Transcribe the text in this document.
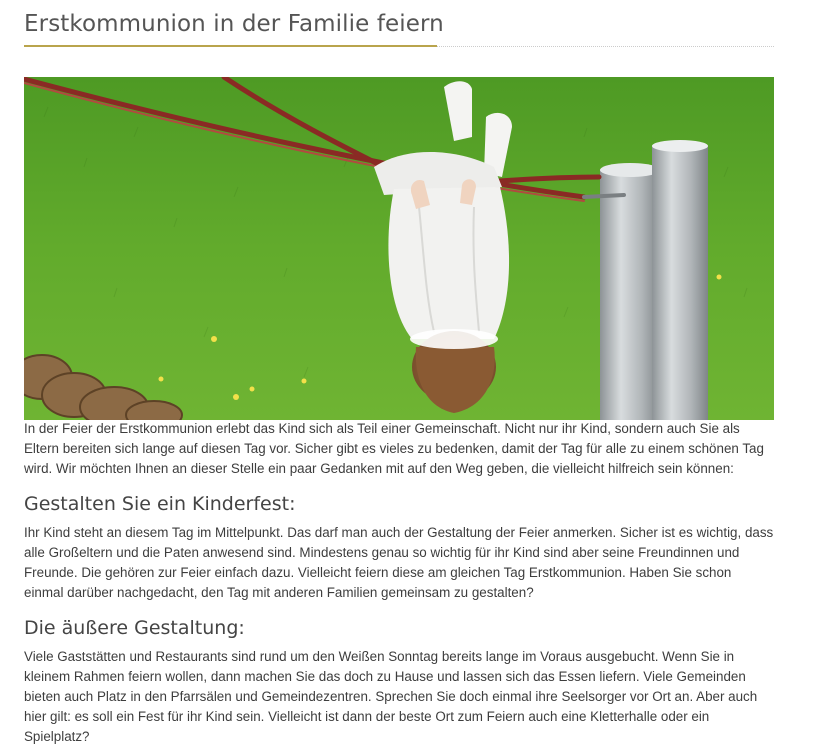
Erstkommunion in der Familie feiern

In der Feier der Erstkommunion erlebt das Kind sich als Teil einer Gemeinschaft. Nicht nur ihr Kind, sondern auch Sie als Eltern bereiten sich lange auf diesen Tag vor. Sicher gibt es vieles zu bedenken, damit der Tag für alle zu einem schönen Tag wird. Wir möchten Ihnen an dieser Stelle ein paar Gedanken mit auf den Weg geben, die vielleicht hilfreich sein können:

Gestalten Sie ein Kinderfest:

Ihr Kind steht an diesem Tag im Mittelpunkt. Das darf man auch der Gestaltung der Feier anmerken. Sicher ist es wichtig, dass alle Großeltern und die Paten anwesend sind. Mindestens genau so wichtig für ihr Kind sind aber seine Freundinnen und Freunde. Die gehören zur Feier einfach dazu. Vielleicht feiern diese am gleichen Tag Erstkommunion. Haben Sie schon einmal darüber nachgedacht, den Tag mit anderen Familien gemeinsam zu gestalten?

Die äußere Gestaltung:

Viele Gaststätten und Restaurants sind rund um den Weißen Sonntag bereits lange im Voraus ausgebucht. Wenn Sie in kleinem Rahmen feiern wollen, dann machen Sie das doch zu Hause und lassen sich das Essen liefern. Viele Gemeinden bieten auch Platz in den Pfarrsälen und Gemeindezentren. Sprechen Sie doch einmal ihre Seelsorger vor Ort an. Aber auch hier gilt: es soll ein Fest für ihr Kind sein. Vielleicht ist dann der beste Ort zum Feiern auch eine Kletterhalle oder ein Spielplatz?
